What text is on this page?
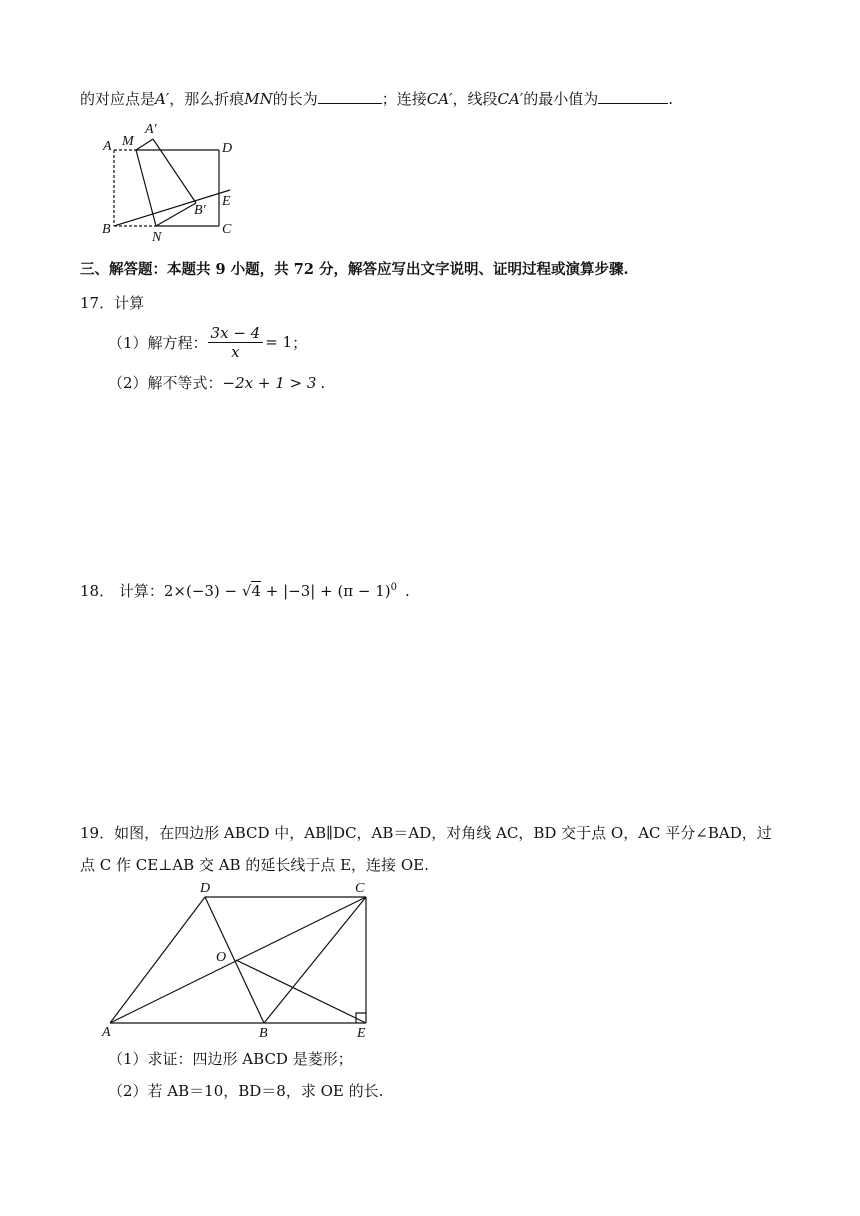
的对应点是A′，那么折痕MN的长为	；连接CA′，线段CA′的最小值为	.
A M
A′
D
B′
E
B
N
C
三、解答题：本题共 9 小题，共 72 分，解答应写出文字说明、证明过程或演算步骤.
17．计算
（1）解方程： $\frac{3x - 4}{x} = 1$ ；
（2）解不等式：−2x + 1 > 3 .
18． 计算：$2\times(-3) - √4 + |-3| + (\pi - 1)^0$ .
19．如图，在四边形 ABCD 中，AB∥DC，AB＝AD，对角线 AC，BD 交于点 O，AC 平分∠BAD，过
点 C 作 CE⊥AB 交 AB 的延长线于点 E，连接 OE.
D	C
O
A	B	E
（1）求证：四边形 ABCD 是菱形；
（2）若 AB＝10，BD＝8，求 OE 的长.
